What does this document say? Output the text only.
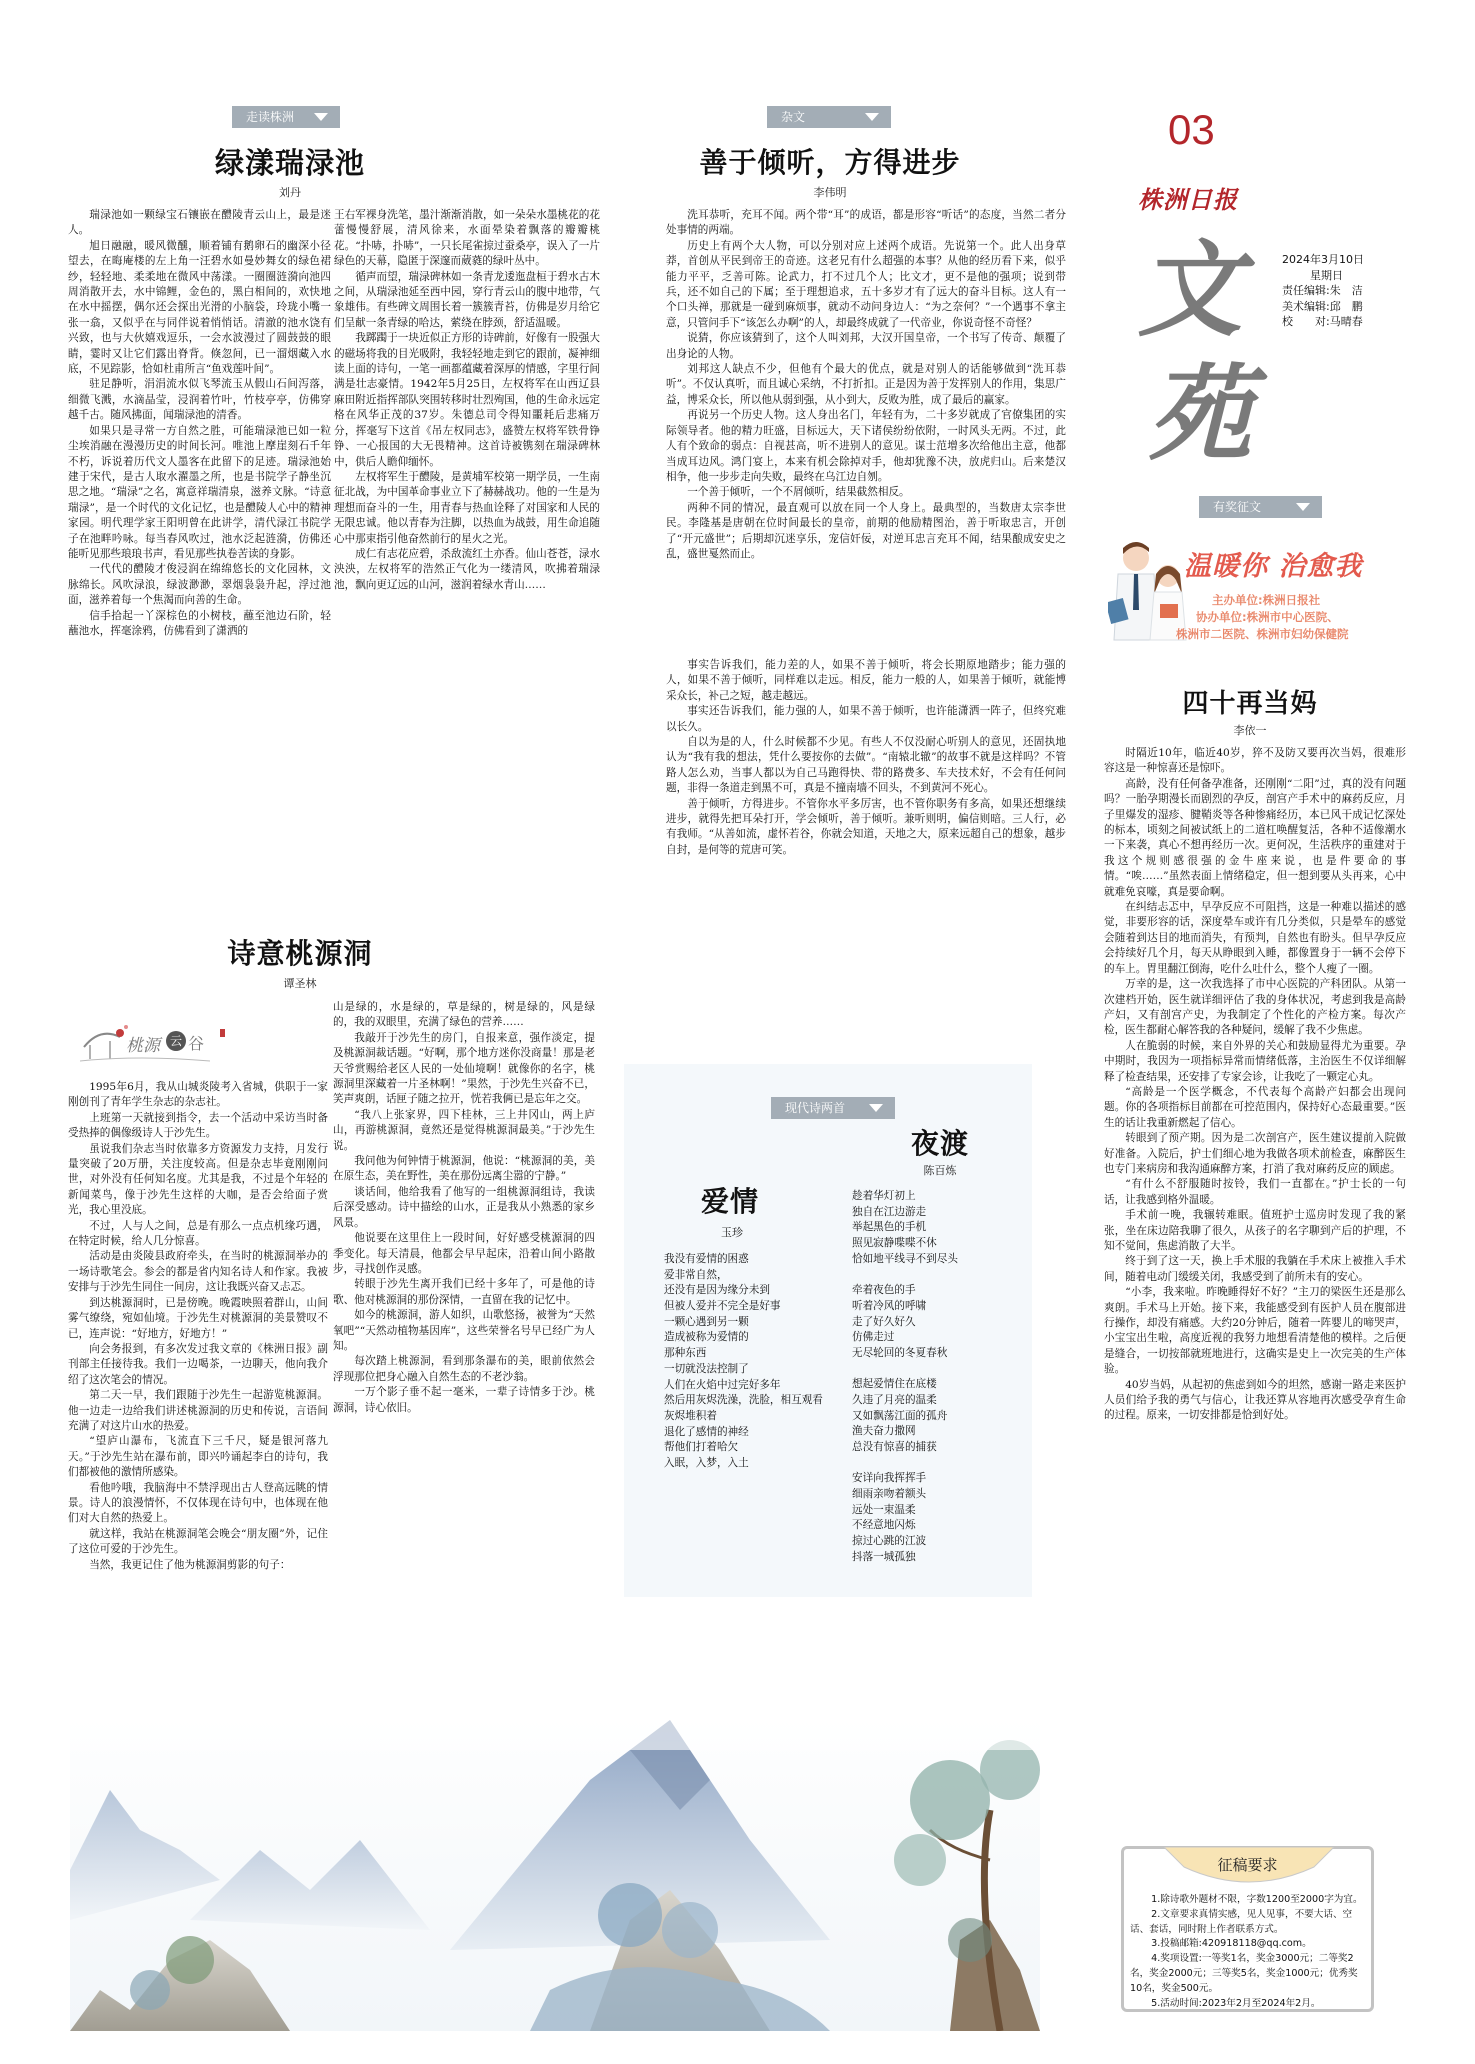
03
株洲日报
文
苑
2024年3月10日
星期日
责任编辑:朱　洁
美术编辑:邱　鹏
校　　对:马晴春
走读株洲
绿漾瑞渌池
刘丹

瑞渌池如一颗绿宝石镶嵌在醴陵青云山上，最是迷人。

旭日融融，暖风微醺，顺着铺有鹅卵石的幽深小径望去，在晦庵楼的左上角一汪碧水如曼妙舞女的绿色裙纱，轻轻地、柔柔地在微风中荡漾。一圈圈涟漪向池四周消散开去，水中锦鲤，金色的，黑白相间的，欢快地在水中摇摆，偶尔还会探出光滑的小脑袋，玲珑小嘴一张一翕，又似乎在与同伴说着悄悄话。清澈的池水饶有兴致，也与大伙嬉戏逗乐，一会水波漫过了圆鼓鼓的眼睛，霎时又让它们露出脊背。倏忽间，已一溜烟藏入水底，不见踪影，恰如杜甫所言“鱼戏莲叶间”。

驻足静听，涓涓流水似飞琴流玉从假山石间泻落，细微飞溅，水滴晶莹，浸润着竹叶，竹枝亭亭，仿佛穿越千古。随风拂面，闻瑞渌池的清香。

如果只是寻常一方自然之胜，可能瑞渌池已如一粒尘埃消融在漫漫历史的时间长河。唯池上摩崖刻石千年不朽，诉说着历代文人墨客在此留下的足迹。瑞渌池始建于宋代，是古人取水濯墨之所，也是书院学子静坐沉思之地。“瑞渌”之名，寓意祥瑞清泉，滋养文脉。“诗意瑞渌”，是一个时代的文化记忆，也是醴陵人心中的精神家园。明代理学家王阳明曾在此讲学，清代渌江书院学子在池畔吟咏。每当春风吹过，池水泛起涟漪，仿佛还能听见那些琅琅书声，看见那些执卷苦读的身影。

一代代的醴陵才俊浸润在绵绵悠长的文化园林，文脉绵长。风吹渌浪，绿波渺渺，翠烟袅袅升起，浮过池面，滋养着每一个焦渴而向善的生命。

信手拾起一丫深棕色的小树枝，蘸至池边石阶，轻蘸池水，挥毫涂鸦，仿佛看到了潇洒的

王右军裸身洗笔，墨汁渐渐消散，如一朵朵水墨桃花的花蕾慢慢舒展，清风徐来，水面晕染着飘落的瓣瓣桃花。“扑哧，扑哧”，一只长尾雀掠过蚕桑亭，误入了一片绿色的天幕，隐匿于深邃而葳蕤的绿叶丛中。

循声而望，瑞渌碑林如一条青龙逶迤盘桓于碧水古木之间，从瑞渌池延至西中园，穿行青云山的腹中地带，气象雄伟。有些碑文周围长着一簇簇青苔，仿佛是岁月给它们呈献一条青绿的哈达，萦绕在脖颈，舒适温暖。

我踯躅于一块近似正方形的诗碑前，好像有一股强大的磁场将我的目光吸附，我轻轻地走到它的跟前，凝神细读上面的诗句，一笔一画都蕴藏着深厚的情感，字里行间满是壮志豪情。1942年5月25日，左权将军在山西辽县麻田附近指挥部队突围转移时壮烈殉国，他的生命永远定格在风华正茂的37岁。朱德总司令得知噩耗后悲痛万分，挥毫写下这首《吊左权同志》，盛赞左权将军铁骨铮铮、一心报国的大无畏精神。这首诗被镌刻在瑞渌碑林中，供后人瞻仰缅怀。

左权将军生于醴陵，是黄埔军校第一期学员，一生南征北战，为中国革命事业立下了赫赫战功。他的一生是为理想而奋斗的一生，用青春与热血诠释了对国家和人民的无限忠诚。他以青春为注脚，以热血为战鼓，用生命追随心中那束指引他奋然前行的星火之光。

成仁有志花应碧，杀敌流红土亦香。仙山苍苍，渌水泱泱，左权将军的浩然正气化为一缕清风，吹拂着瑞渌池，飘向更辽远的山河，滋润着绿水青山……

杂文
善于倾听，方得进步
李伟明

洗耳恭听，充耳不闻。两个带“耳”的成语，都是形容“听话”的态度，当然二者分处事情的两端。

历史上有两个大人物，可以分别对应上述两个成语。先说第一个。此人出身草莽，首创从平民到帝王的奇迹。这老兄有什么超强的本事？从他的经历看下来，似乎能力平平，乏善可陈。论武力，打不过几个人；比文才，更不是他的强项；说到带兵，还不如自己的下属；至于理想追求，五十多岁才有了远大的奋斗目标。这人有一个口头禅，那就是一碰到麻烦事，就动不动问身边人：“为之奈何？”一个遇事不拿主意，只管问手下“该怎么办啊”的人，却最终成就了一代帝业，你说奇怪不奇怪？

说猜，你应该猜到了，这个人叫刘邦，大汉开国皇帝，一个书写了传奇、颠覆了出身论的人物。

刘邦这人缺点不少，但他有个最大的优点，就是对别人的话能够做到“洗耳恭听”。不仅认真听，而且诚心采纳，不打折扣。正是因为善于发挥别人的作用，集思广益，博采众长，所以他从弱到强，从小到大，反败为胜，成了最后的赢家。

再说另一个历史人物。这人身出名门，年轻有为，二十多岁就成了官僚集团的实际领导者。他的精力旺盛，目标远大，天下诸侯纷纷依附，一时风头无两。不过，此人有个致命的弱点：自视甚高，听不进别人的意见。谋士范增多次给他出主意，他都当成耳边风。鸿门宴上，本来有机会除掉对手，他却犹豫不决，放虎归山。后来楚汉相争，他一步步走向失败，最终在乌江边自刎。

一个善于倾听，一个不屑倾听，结果截然相反。

两种不同的情况，最直观可以放在同一个人身上。最典型的，当数唐太宗李世民。李隆基是唐朝在位时间最长的皇帝，前期的他励精图治，善于听取忠言，开创了“开元盛世”；后期却沉迷享乐，宠信奸佞，对逆耳忠言充耳不闻，结果酿成安史之乱，盛世戛然而止。

事实告诉我们，能力差的人，如果不善于倾听，将会长期原地踏步；能力强的人，如果不善于倾听，同样难以走远。相反，能力一般的人，如果善于倾听，就能博采众长，补己之短，越走越远。

事实还告诉我们，能力强的人，如果不善于倾听，也许能潇洒一阵子，但终究难以长久。

自以为是的人，什么时候都不少见。有些人不仅没耐心听别人的意见，还固执地认为“我有我的想法，凭什么要按你的去做”。“南辕北辙”的故事不就是这样吗？不管路人怎么劝，当事人都以为自己马跑得快、带的路费多、车夫技术好，不会有任何问题，非得一条道走到黑不可，真是不撞南墙不回头，不到黄河不死心。

善于倾听，方得进步。不管你水平多厉害，也不管你职务有多高，如果还想继续进步，就得先把耳朵打开，学会倾听，善于倾听。兼听则明，偏信则暗。三人行，必有我师。“从善如流，虚怀若谷，你就会知道，天地之大，原来远超自己的想象，越步自封，是何等的荒唐可笑。

现代诗两首
夜渡
陈百炼
爱情
玉珍
我没有爱情的困惑
爱非常自然，
还没有是因为缘分未到
但被人爱并不完全是好事
一颗心遇到另一颗
造成被称为爱情的
那种东西
一切就没法控制了
人们在火焰中过完好多年
然后用灰烬洗澡，洗脸，相互观看
灰烬堆积着
退化了感情的神经
帮他们打着哈欠
入眠，入梦，入土
趁着华灯初上
独自在江边游走
举起黑色的手机
照见寂静喋喋不休
恰如地平线寻不到尽头
牵着夜色的手
听着冷风的呼啸
走了好久好久
仿佛走过
无尽轮回的冬夏春秋
想起爱情住在底楼
久违了月亮的温柔
又如飘荡江面的孤舟
渔夫奋力撒网
总没有惊喜的捕获
安详向我挥挥手
细雨亲吻着额头
远处一束温柔
不经意地闪烁
掠过心跳的江波
抖落一城孤独
诗意桃源洞
谭圣林
桃源 云 谷

1995年6月，我从山城炎陵考入省城，供职于一家刚创刊了青年学生杂志的杂志社。

上班第一天就接到指令，去一个活动中采访当时备受热捧的偶像级诗人于沙先生。

虽说我们杂志当时依靠多方资源发力支持，月发行量突破了20万册，关注度较高。但是杂志毕竟刚刚问世，对外没有任何知名度。尤其是我，不过是个年轻的新闻菜鸟，像于沙先生这样的大咖，是否会给面子赏光，我心里没底。

不过，人与人之间，总是有那么一点点机缘巧遇，在特定时候，给人几分惊喜。

活动是由炎陵县政府牵头，在当时的桃源洞举办的一场诗歌笔会。参会的都是省内知名诗人和作家。我被安排与于沙先生同住一间房，这让我既兴奋又忐忑。

到达桃源洞时，已是傍晚。晚霞映照着群山，山间雾气缭绕，宛如仙境。于沙先生对桃源洞的美景赞叹不已，连声说：“好地方，好地方！”

向会务报到，有多次发过我文章的《株洲日报》副刊部主任接待我。我们一边喝茶，一边聊天，他向我介绍了这次笔会的情况。

第二天一早，我们跟随于沙先生一起游览桃源洞。他一边走一边给我们讲述桃源洞的历史和传说，言语间充满了对这片山水的热爱。

“望庐山瀑布，飞流直下三千尺，疑是银河落九天。”于沙先生站在瀑布前，即兴吟诵起李白的诗句，我们都被他的激情所感染。

看他吟哦，我脑海中不禁浮现出古人登高远眺的情景。诗人的浪漫情怀，不仅体现在诗句中，也体现在他们对大自然的热爱上。

就这样，我站在桃源洞笔会晚会“朋友圈”外，记住了这位可爱的于沙先生。

当然，我更记住了他为桃源洞剪影的句子：

山是绿的，水是绿的，草是绿的，树是绿的，风是绿的，我的双眼里，充满了绿色的营养……

我敲开于沙先生的房门，自报来意，强作淡定，提及桃源洞裁话题。“好啊，那个地方迷你没商量！那是老天爷赏赐给老区人民的一处仙境啊！就像你的名字，桃源洞里深藏着一片圣林啊！”果然，于沙先生兴奋不已，笑声爽朗，话匣子随之拉开，恍若我俩已是忘年之交。

“我八上张家界，四下桂林，三上井冈山，两上庐山，再游桃源洞，竟然还是觉得桃源洞最美。”于沙先生说。

我问他为何钟情于桃源洞，他说：“桃源洞的美，美在原生态，美在野性，美在那份远离尘嚣的宁静。”

谈话间，他给我看了他写的一组桃源洞组诗，我读后深受感动。诗中描绘的山水，正是我从小熟悉的家乡风景。

他说要在这里住上一段时间，好好感受桃源洞的四季变化。每天清晨，他都会早早起床，沿着山间小路散步，寻找创作灵感。

转眼于沙先生离开我们已经十多年了，可是他的诗歌、他对桃源洞的那份深情，一直留在我的记忆中。

如今的桃源洞，游人如织，山歌悠扬，被誉为“天然氧吧”“天然动植物基因库”，这些荣誉名号早已经广为人知。

每次踏上桃源洞，看到那条瀑布的美，眼前依然会浮现那位把身心融入自然生态的不老沙翁。

一万个影子垂不起一毫米，一辈子诗情多于沙。桃源洞，诗心依旧。

有奖征文
温暖你 治愈我
主办单位:株洲日报社
协办单位:株洲市中心医院、
株洲市二医院、株洲市妇幼保健院
四十再当妈
李依一

时隔近10年，临近40岁，猝不及防又要再次当妈，很难形容这是一种惊喜还是惊吓。

高龄，没有任何备孕准备，还刚刚“二阳”过，真的没有问题吗？一胎孕期漫长而剧烈的孕反，剖宫产手术中的麻药反应，月子里爆发的湿疹、腱鞘炎等各种惨痛经历，本已风干成记忆深处的标本，顷刻之间被试纸上的二道杠唤醒复活，各种不适像潮水一下来袭，真心不想再经历一次。更何况，生活秩序的重建对于我这个规则感很强的金牛座来说，也是件要命的事情。“唉……”虽然表面上情绪稳定，但一想到要从头再来，心中就难免哀嚎，真是要命啊。

在纠结忐忑中，早孕反应不可阻挡，这是一种难以描述的感觉，非要形容的话，深度晕车或许有几分类似，只是晕车的感觉会随着到达目的地而消失，有预判，自然也有盼头。但早孕反应会持续好几个月，每天从睁眼到入睡，都像置身于一辆不会停下的车上。胃里翻江倒海，吃什么吐什么，整个人瘦了一圈。

万幸的是，这一次我选择了市中心医院的产科团队。从第一次建档开始，医生就详细评估了我的身体状况，考虑到我是高龄产妇，又有剖宫产史，为我制定了个性化的产检方案。每次产检，医生都耐心解答我的各种疑问，缓解了我不少焦虑。

人在脆弱的时候，来自外界的关心和鼓励显得尤为重要。孕中期时，我因为一项指标异常而情绪低落，主治医生不仅详细解释了检查结果，还安排了专家会诊，让我吃了一颗定心丸。

“高龄是一个医学概念，不代表每个高龄产妇都会出现问题。你的各项指标目前都在可控范围内，保持好心态最重要。”医生的话让我重新燃起了信心。

转眼到了预产期。因为是二次剖宫产，医生建议提前入院做好准备。入院后，护士们细心地为我做各项术前检查，麻醉医生也专门来病房和我沟通麻醉方案，打消了我对麻药反应的顾虑。

“有什么不舒服随时按铃，我们一直都在。”护士长的一句话，让我感到格外温暖。

手术前一晚，我辗转难眠。值班护士巡房时发现了我的紧张，坐在床边陪我聊了很久，从孩子的名字聊到产后的护理，不知不觉间，焦虑消散了大半。

终于到了这一天，换上手术服的我躺在手术床上被推入手术间，随着电动门缓缓关闭，我感受到了前所未有的安心。

“小李，我来啦。昨晚睡得好不好？”主刀的梁医生还是那么爽朗。手术马上开始。接下来，我能感受到有医护人员在腹部进行操作，却没有痛感。大约20分钟后，随着一阵婴儿的啼哭声，小宝宝出生啦，高度近视的我努力地想看清楚他的模样。之后便是缝合，一切按部就班地进行，这确实是史上一次完美的生产体验。

40岁当妈，从起初的焦虑到如今的坦然，感谢一路走来医护人员们给予我的勇气与信心，让我还算从容地再次感受孕育生命的过程。原来，一切安排都是恰到好处。

征稿要求

1.除诗歌外题材不限，字数1200至2000字为宜。

2.文章要求真情实感，见人见事，不要大话、空话、套话，同时附上作者联系方式。

3.投稿邮箱:420918118@qq.com。

4.奖项设置:一等奖1名，奖金3000元；二等奖2名，奖金2000元；三等奖5名，奖金1000元；优秀奖10名，奖金500元。

5.活动时间:2023年2月至2024年2月。
